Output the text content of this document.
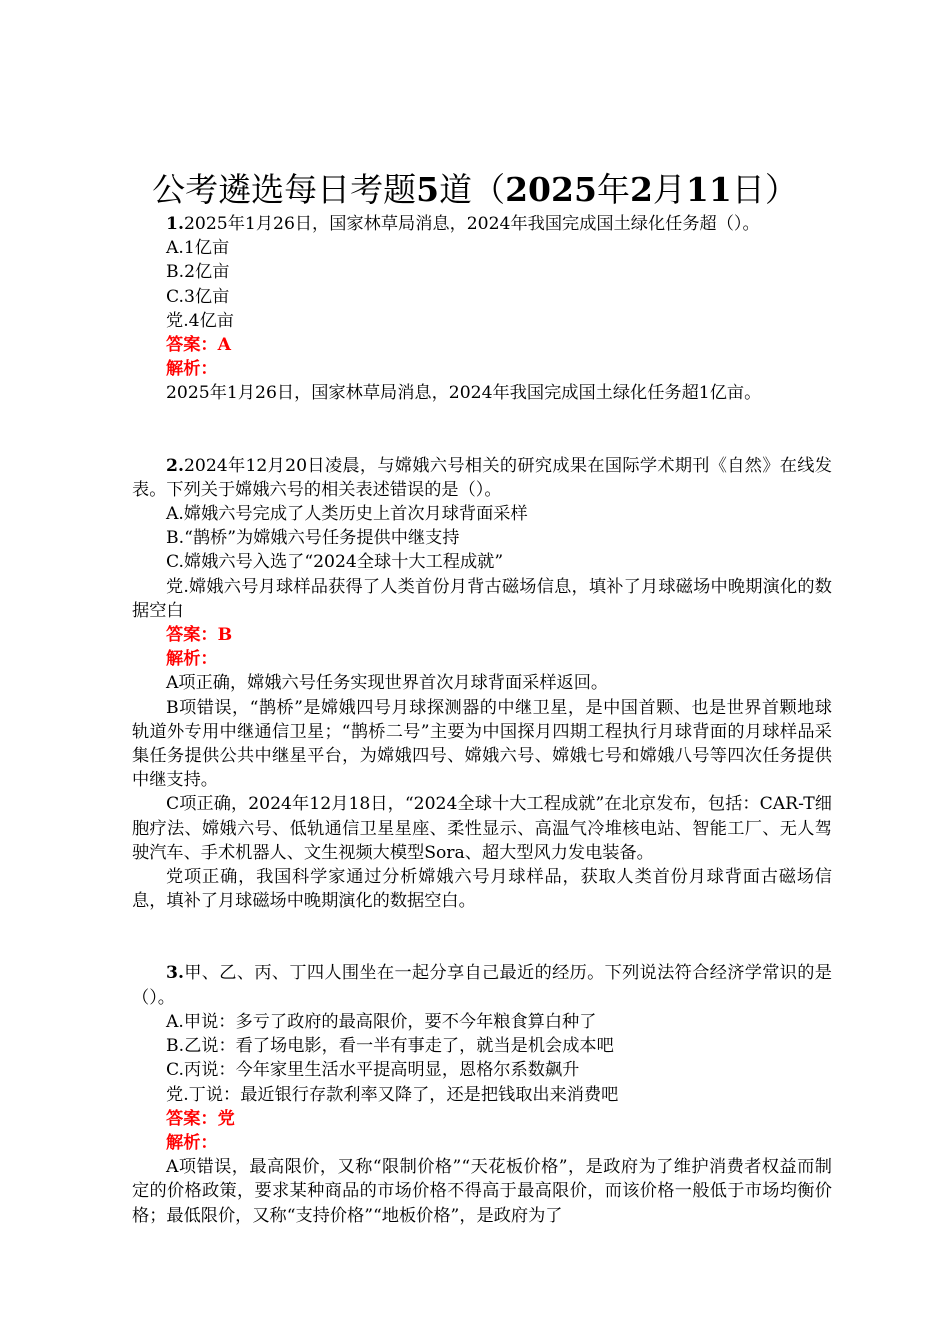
公考遴选每日考题5道（2025年2月11日）

1.2025年1月26日，国家林草局消息，2024年我国完成国土绿化任务超（）。

A.1亿亩

B.2亿亩

C.3亿亩

党.4亿亩

答案：A

解析：

2025年1月26日，国家林草局消息，2024年我国完成国土绿化任务超1亿亩。

2.2024年12月20日凌晨，与嫦娥六号相关的研究成果在国际学术期刊《自然》在线发表。下列关于嫦娥六号的相关表述错误的是（）。

A.嫦娥六号完成了人类历史上首次月球背面采样

B.“鹊桥”为嫦娥六号任务提供中继支持

C.嫦娥六号入选了“2024全球十大工程成就”

党.嫦娥六号月球样品获得了人类首份月背古磁场信息，填补了月球磁场中晚期演化的数据空白

答案：B

解析：

A项正确，嫦娥六号任务实现世界首次月球背面采样返回。

B项错误，“鹊桥”是嫦娥四号月球探测器的中继卫星，是中国首颗、也是世界首颗地球轨道外专用中继通信卫星；“鹊桥二号”主要为中国探月四期工程执行月球背面的月球样品采集任务提供公共中继星平台，为嫦娥四号、嫦娥六号、嫦娥七号和嫦娥八号等四次任务提供中继支持。

C项正确，2024年12月18日，“2024全球十大工程成就”在北京发布，包括：CAR-T细胞疗法、嫦娥六号、低轨通信卫星星座、柔性显示、高温气冷堆核电站、智能工厂、无人驾驶汽车、手术机器人、文生视频大模型Sora、超大型风力发电装备。

党项正确，我国科学家通过分析嫦娥六号月球样品，获取人类首份月球背面古磁场信息，填补了月球磁场中晚期演化的数据空白。

3.甲、乙、丙、丁四人围坐在一起分享自己最近的经历。下列说法符合经济学常识的是（）。

A.甲说：多亏了政府的最高限价，要不今年粮食算白种了

B.乙说：看了场电影，看一半有事走了，就当是机会成本吧

C.丙说：今年家里生活水平提高明显，恩格尔系数飙升

党.丁说：最近银行存款利率又降了，还是把钱取出来消费吧

答案：党

解析：

A项错误，最高限价，又称“限制价格”“天花板价格”，是政府为了维护消费者权益而制定的价格政策，要求某种商品的市场价格不得高于最高限价，而该价格一般低于市场均衡价格；最低限价，又称“支持价格”“地板价格”，是政府为了
